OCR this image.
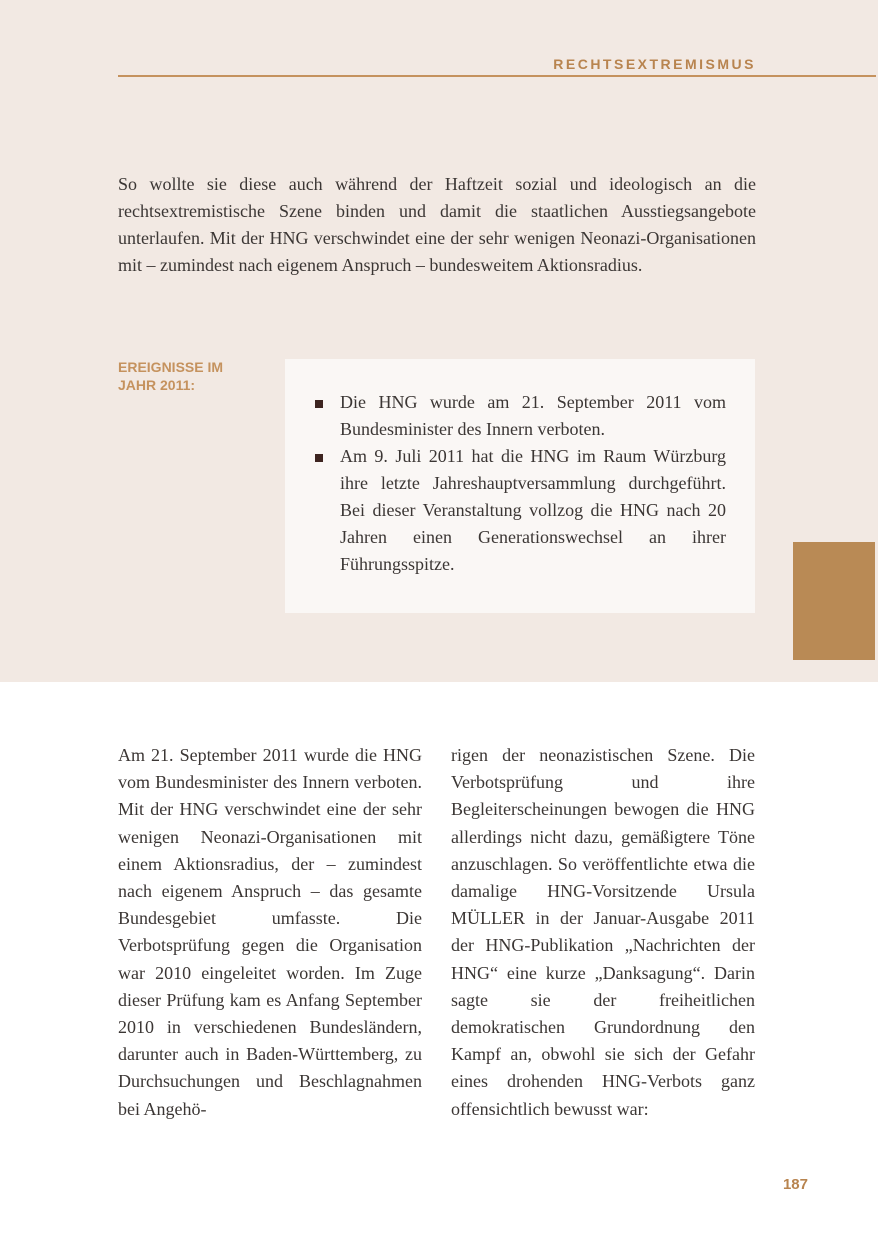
RECHTSEXTREMISMUS

So wollte sie diese auch während der Haftzeit sozial und ideologisch an die rechtsextremistische Szene binden und damit die staatlichen Ausstiegsangebote unterlaufen. Mit der HNG verschwindet eine der sehr wenigen Neonazi-Organisationen mit – zumindest nach eigenem Anspruch – bundesweitem Aktionsradius.

EREIGNISSE IM
JAHR 2011:

Die HNG wurde am 21. September 2011 vom Bundesminister des Innern verboten.
Am 9. Juli 2011 hat die HNG im Raum Würzburg ihre letzte Jahreshauptversammlung durchgeführt. Bei dieser Veranstaltung vollzog die HNG nach 20 Jahren einen Generationswechsel an ihrer Führungsspitze.

Am 21. September 2011 wurde die HNG vom Bundesminister des Innern verboten. Mit der HNG verschwindet eine der sehr wenigen Neonazi-Organisationen mit einem Aktionsradius, der – zumindest nach eigenem Anspruch – das gesamte Bundesgebiet umfasste. Die Verbotsprüfung gegen die Organisation war 2010 eingeleitet worden. Im Zuge dieser Prüfung kam es Anfang September 2010 in verschiedenen Bundesländern, darunter auch in Baden-Württemberg, zu Durchsuchungen und Beschlagnahmen bei Angehö-

rigen der neonazistischen Szene. Die Verbotsprüfung und ihre Begleiterscheinungen bewogen die HNG allerdings nicht dazu, gemäßigtere Töne anzuschlagen. So veröffentlichte etwa die damalige HNG-Vorsitzende Ursula MÜLLER in der Januar-Ausgabe 2011 der HNG-Publikation „Nachrichten der HNG“ eine kurze „Danksagung“. Darin sagte sie der freiheitlichen demokratischen Grundordnung den Kampf an, obwohl sie sich der Gefahr eines drohenden HNG-Verbots ganz offensichtlich bewusst war:

187
